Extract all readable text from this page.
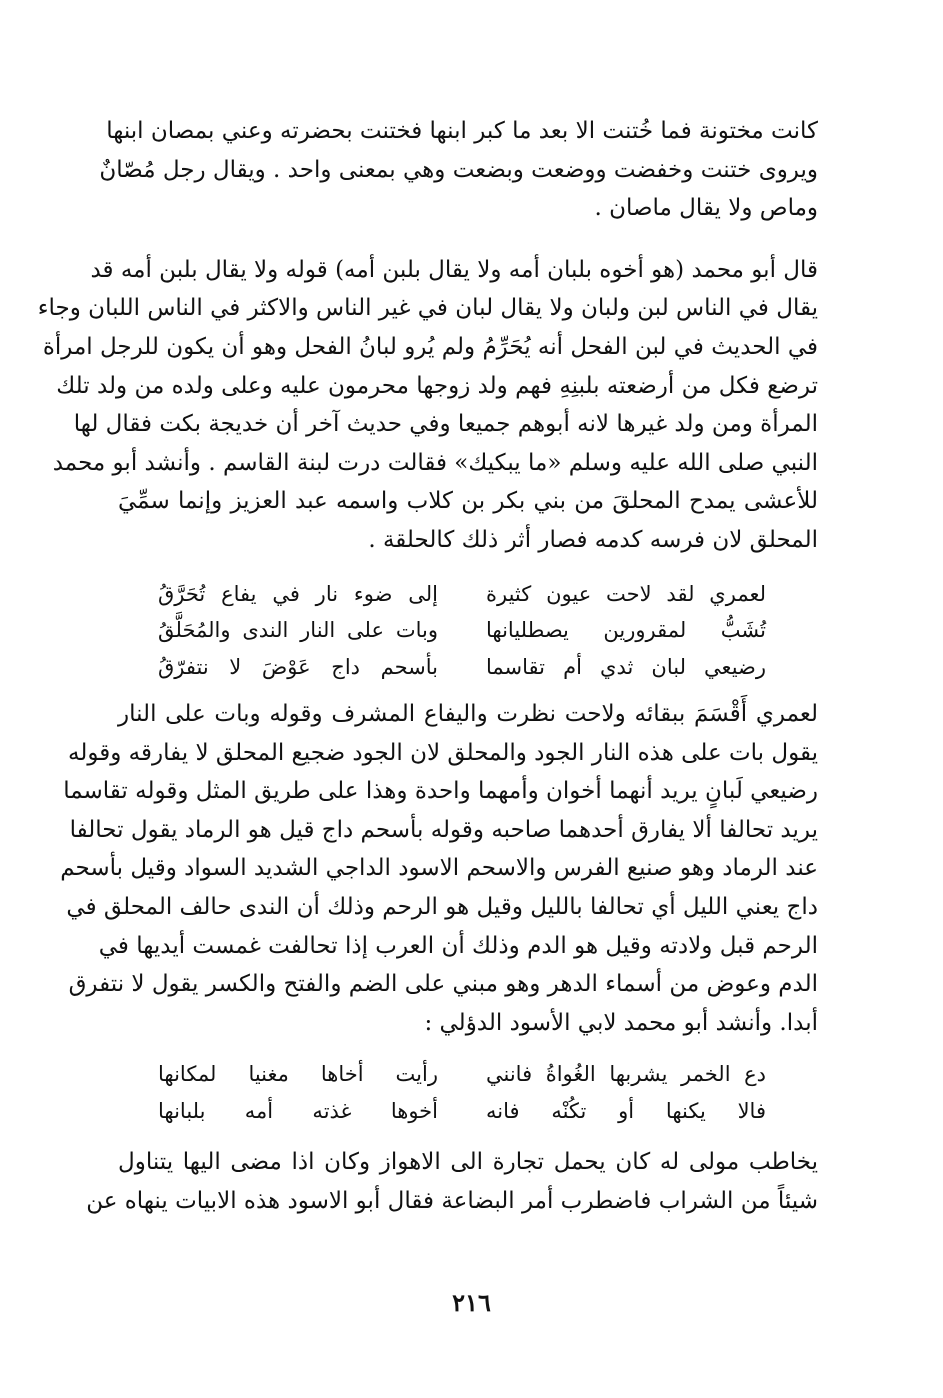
كانت مختونة فما خُتنت الا بعد ما كبر ابنها فختنت بحضرته وعني بمصان ابنها
ويروى ختنت وخفضت ووضعت وبضعت وهي بمعنى واحد . ويقال رجل مُصّانٌ
وماص ولا يقال ماصان .

قال أبو محمد (هو أخوه بلبان أمه ولا يقال بلبن أمه) قوله ولا يقال بلبن أمه قد
يقال في الناس لبن ولبان ولا يقال لبان في غير الناس والاكثر في الناس اللبان وجاء
في الحديث في لبن الفحل أنه يُحَرِّمُ ولم يُرو لبانُ الفحل وهو أن يكون للرجل امرأة
ترضع فكل من أرضعته بلبنِهِ فهم ولد زوجها محرمون عليه وعلى ولده من ولد تلك
المرأة ومن ولد غيرها لانه أبوهم جميعا وفي حديث آخر أن خديجة بكت فقال لها
النبي صلى الله عليه وسلم «ما يبكيك» فقالت درت لبنة القاسم . وأنشد أبو محمد
للأعشى يمدح المحلقَ من بني بكر بن كلاب واسمه عبد العزيز وإنما سمِّيَ
المحلق لان فرسه كدمه فصار أثر ذلك كالحلقة .

لعمري لقد لاحت عيون كثيرة
إلى ضوء نار في يفاع تُحَرَّقُ
تُشَبُّ لمقرورين يصطليانها
وبات على النار الندى والمُحَلَّقُ
رضيعي لبان ثدي أم تقاسما
بأسحم داج عَوْضَ لا نتفرّقُ

لعمري أَقْسَمَ ببقائه ولاحت نظرت واليفاع المشرف وقوله وبات على النار
يقول بات على هذه النار الجود والمحلق لان الجود ضجيع المحلق لا يفارقه وقوله
رضيعي لَبانٍ يريد أنهما أخوان وأمهما واحدة وهذا على طريق المثل وقوله تقاسما
يريد تحالفا ألا يفارق أحدهما صاحبه وقوله بأسحم داج قيل هو الرماد يقول تحالفا
عند الرماد وهو صنيع الفرس والاسحم الاسود الداجي الشديد السواد وقيل بأسحم
داج يعني الليل أي تحالفا بالليل وقيل هو الرحم وذلك أن الندى حالف المحلق في
الرحم قبل ولادته وقيل هو الدم وذلك أن العرب إذا تحالفت غمست أيديها في
الدم وعوض من أسماء الدهر وهو مبني على الضم والفتح والكسر يقول لا نتفرق
أبدا. وأنشد أبو محمد لابي الأسود الدؤلي :

دع الخمر يشربها الغُواةُ فانني
رأيت أخاها مغنيا لمكانها
فالا يكنها أو تكُنْه فانه
أخوها غذته أمه بلبانها

يخاطب مولى له كان يحمل تجارة الى الاهواز وكان اذا مضى اليها يتناول
شيئاً من الشراب فاضطرب أمر البضاعة فقال أبو الاسود هذه الابيات ينهاه عن

٢١٦
